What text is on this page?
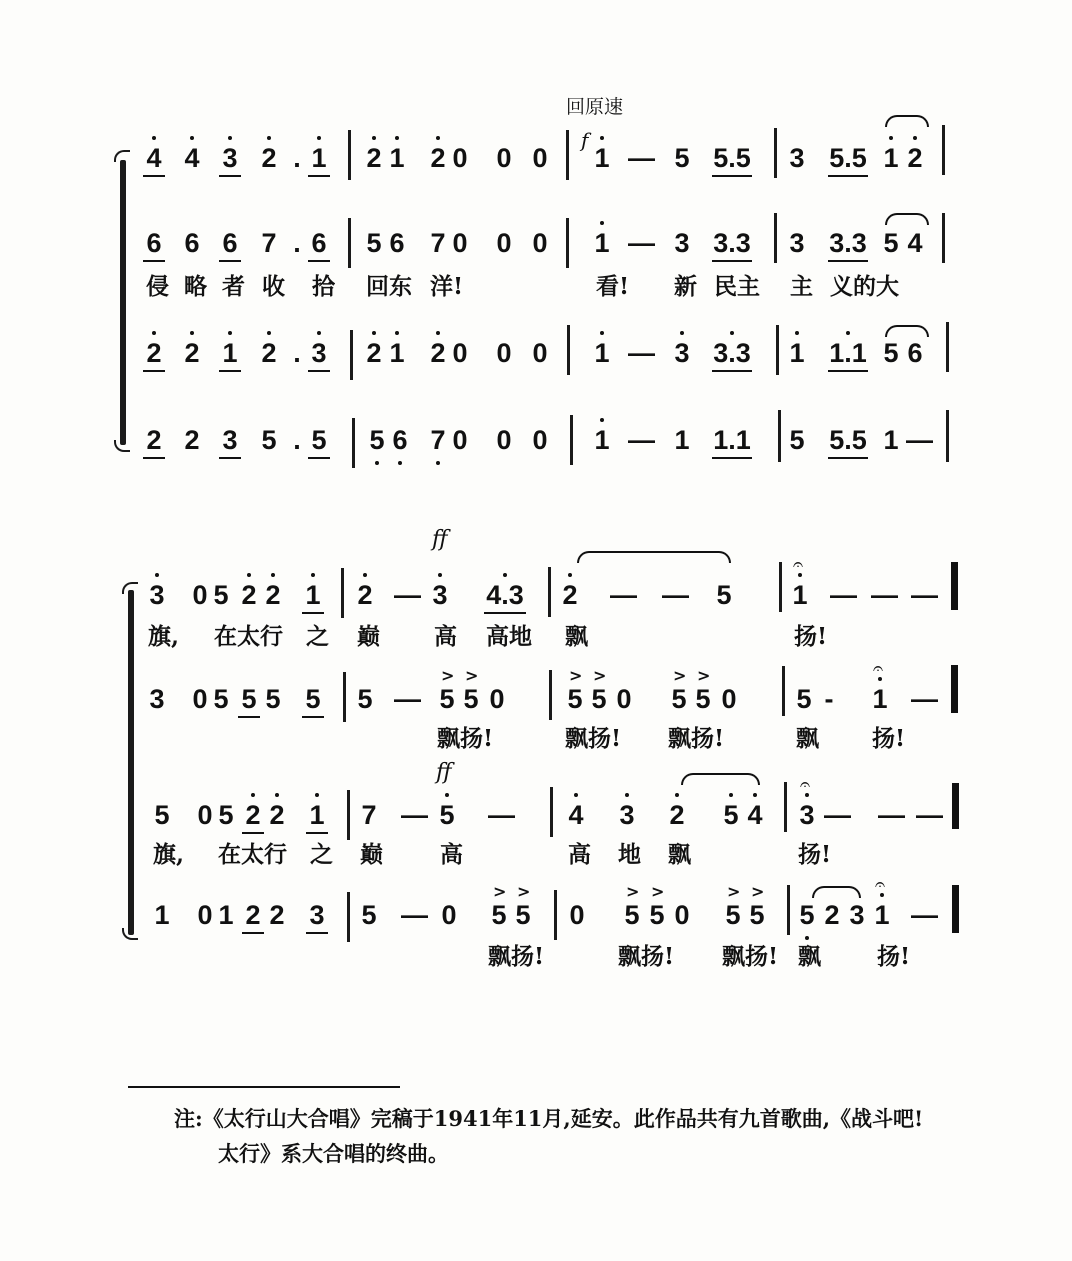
回原速
f
4 4 3 2 . 1 2 1 2 0 0 0 1 — 5 5.5 3 5.5 1 2
6 6 6 7 . 6 5 6 7 0 0 0 1 — 3 3.3 3 3.3 5 4
侵 略 者 收 拾 回东 洋!	看! 新 民主 主 义的大
2 2 1 2 . 3 2 1 2 0 0 0 1 — 3 3.3 1 1.1 5 6
2 2 3 5 . 5 5 6 7 0 0 0 1 — 1 1.1 5 5.5 1 —
ff
ff
3 0 5 2 2 1 2 — 3 4.3 2 — — 5 1
𝄐
— — —
旗, 在太行 之 巅 高 高地 飘	扬!
3 0 5 5 5 5 5 — 5
>
5
>
0 5
>
5
>
0 5
>
5
>
0 5 - 1
𝄐
—
飘扬!	飘扬! 飘扬!	飘 扬!
5 0 5 2 2 1 7 — 5 — 4 3 2 5 4 3
𝄐
— — —
旗, 在太行 之 巅 高	高 地 飘	扬!
1 0 1 2 2 3 5 — 0 5
>
5
>
0 5
>
5
>
0 5
>
5
>
5 2 3 1
𝄐
—
飘扬!	飘扬! 飘扬! 飘 扬!
注:《太行山大合唱》完稿于1941年11月,延安。此作品共有九首歌曲,《战斗吧!
太行》系大合唱的终曲。
